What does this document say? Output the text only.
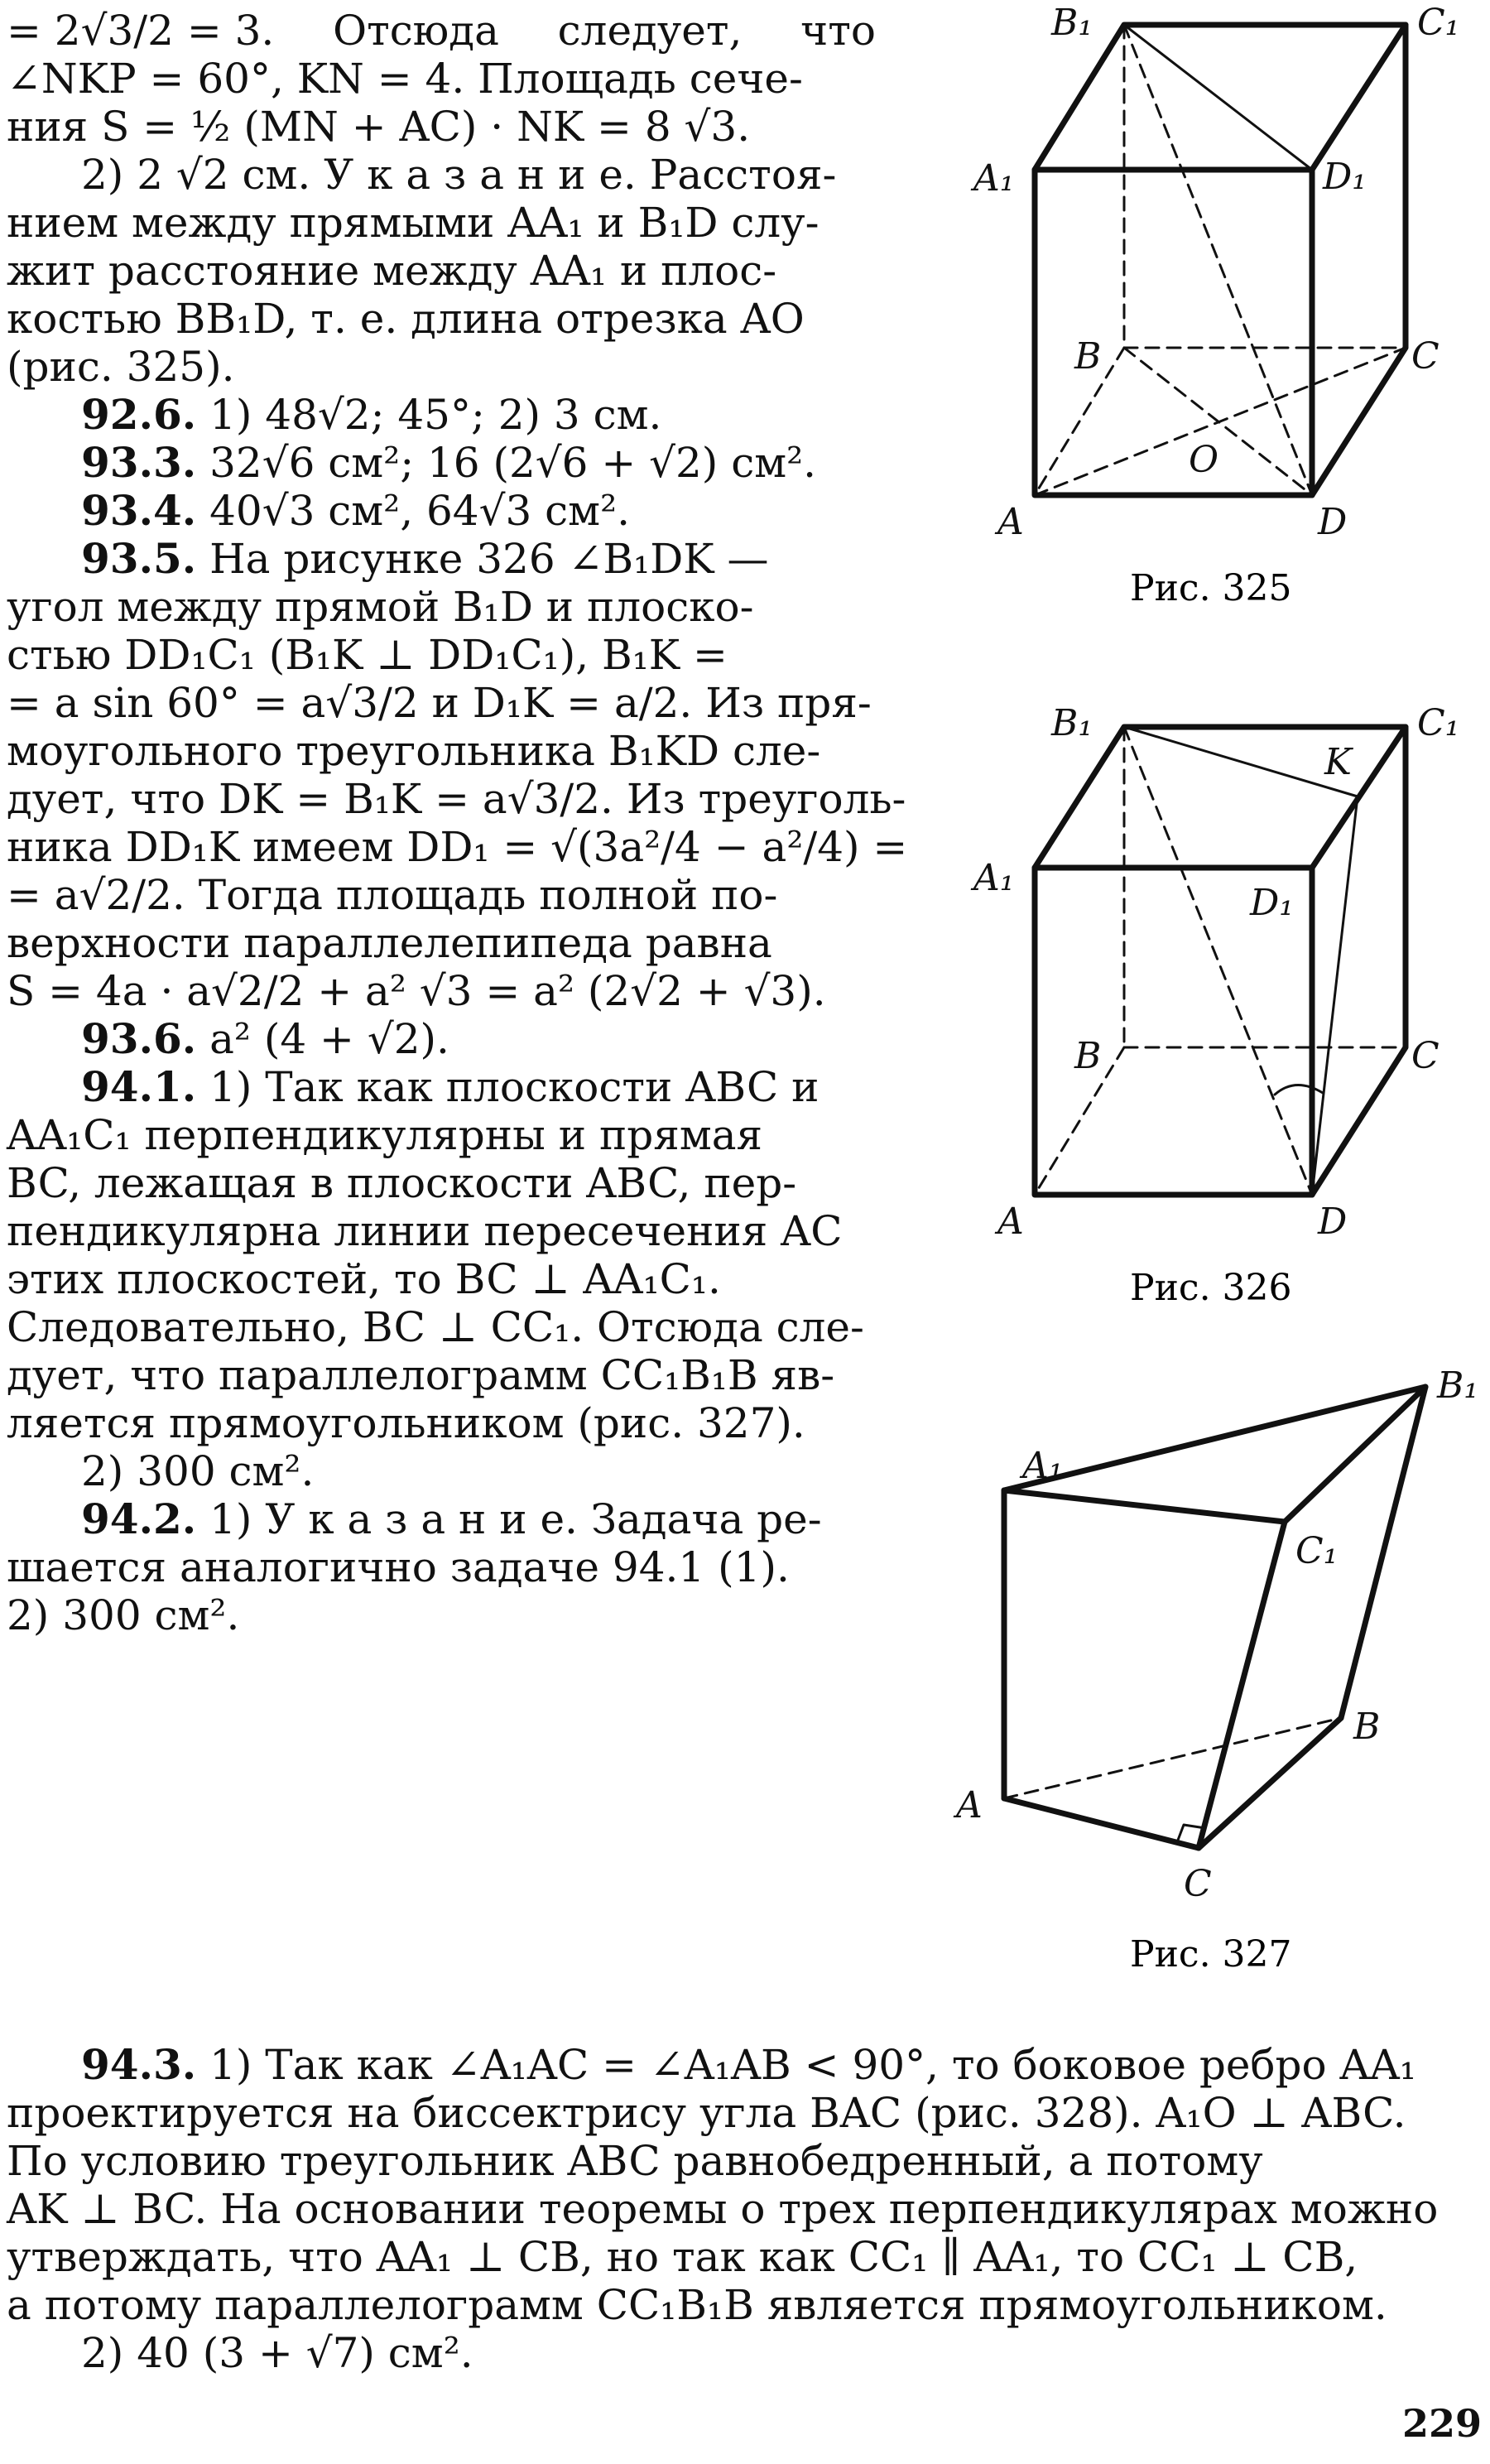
= 2√3/2 = 3. Отсюда следует, что
∠NKP = 60°, KN = 4. Площадь сече-
ния S = ½ (MN + AC) · NK = 8 √3.
2) 2 √2 см. У к а з а н и е. Расстоя-
нием между прямыми AA₁ и B₁D слу-
жит расстояние между AA₁ и плос-
костью BB₁D, т. е. длина отрезка AO
(рис. 325).
92.6. 1) 48√2; 45°; 2) 3 см.
93.3. 32√6 см²; 16 (2√6 + √2) см².
93.4. 40√3 см², 64√3 см².
93.5. На рисунке 326 ∠B₁DK —
угол между прямой B₁D и плоско-
стью DD₁C₁ (B₁K ⊥ DD₁C₁), B₁K =
= a sin 60° = a√3/2 и D₁K = a/2. Из пря-
моугольного треугольника B₁KD сле-
дует, что DK = B₁K = a√3/2. Из треуголь-
ника DD₁K имеем DD₁ = √(3a²/4 − a²/4) =
= a√2/2. Тогда площадь полной по-
верхности параллелепипеда равна
S = 4a · a√2/2 + a² √3 = a² (2√2 + √3).
93.6. a² (4 + √2).
94.1. 1) Так как плоскости ABC и
AA₁C₁ перпендикулярны и прямая
BC, лежащая в плоскости ABC, пер-
пендикулярна линии пересечения AC
этих плоскостей, то BC ⊥ AA₁C₁.
Следовательно, BC ⊥ CC₁. Отсюда сле-
дует, что параллелограмм CC₁B₁B яв-
ляется прямоугольником (рис. 327).
2) 300 см².
94.2. 1) У к а з а н и е. Задача ре-
шается аналогично задаче 94.1 (1).
2) 300 см².
94.3. 1) Так как ∠A₁AC = ∠A₁AB < 90°, то боковое ребро AA₁
проектируется на биссектрису угла BAC (рис. 328). A₁O ⊥ ABC.
По условию треугольник ABC равнобедренный, а потому
AK ⊥ BC. На основании теоремы о трех перпендикулярах можно
утверждать, что AA₁ ⊥ CB, но так как CC₁ ∥ AA₁, то CC₁ ⊥ CB,
а потому параллелограмм CC₁B₁B является прямоугольником.
2) 40 (3 + √7) см².
B₁	C₁
A₁	D₁
B	C
O
A	D
Рис. 325
B₁	C₁
K
A₁
D₁
B	C
A	D
Рис. 326
B₁
A₁
C₁
B
A
C
Рис. 327
229
